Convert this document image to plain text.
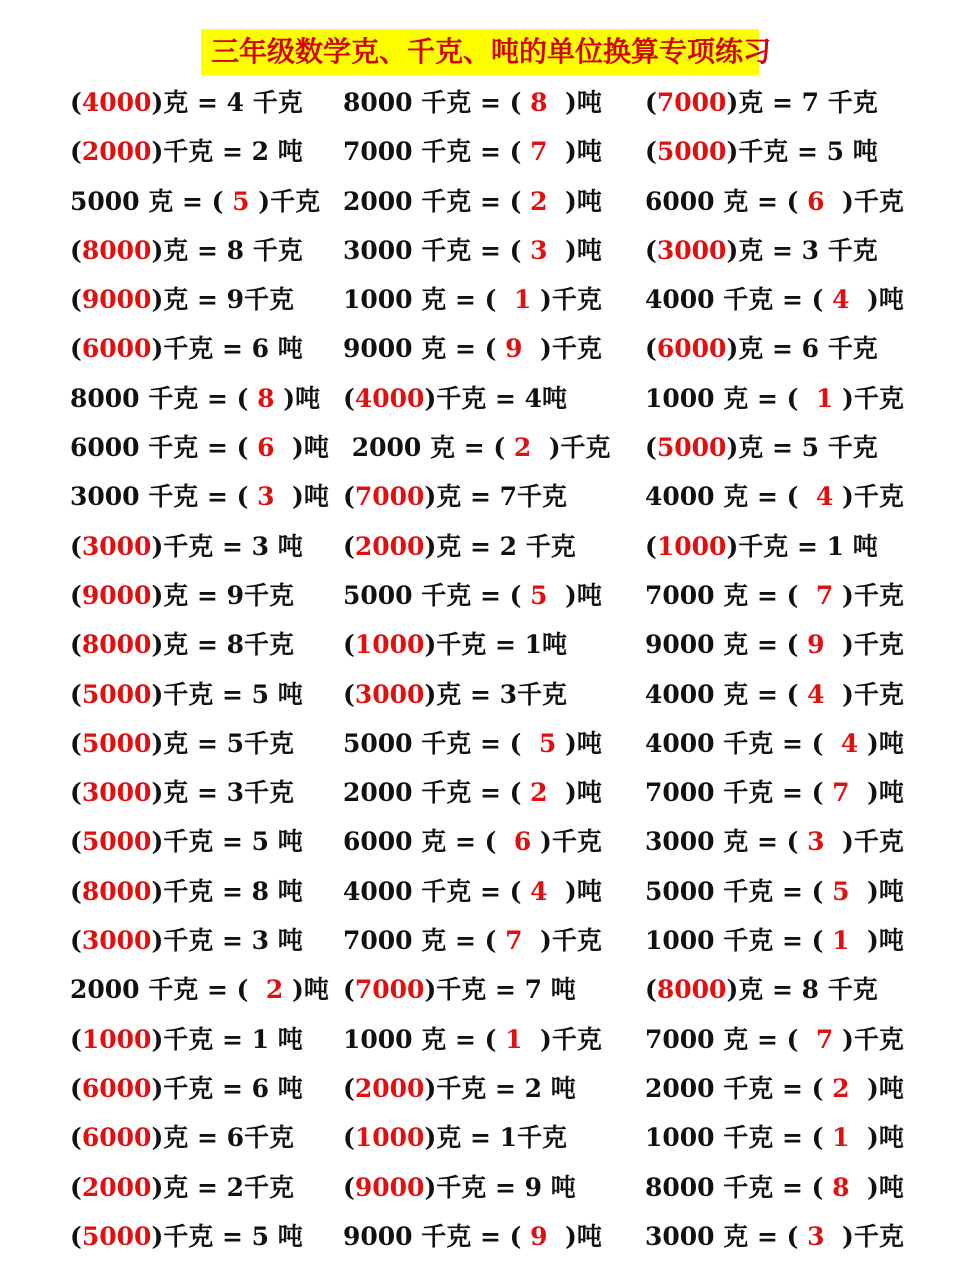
三年级数学克、千克、吨的单位换算专项练习
(4000)克 = 4 千克 8000 千克 = ( 8  )吨 (7000)克 = 7 千克
(2000)千克 = 2 吨 7000 千克 = ( 7  )吨 (5000)千克 = 5 吨
5000 克 = ( 5 )千克 2000 千克 = ( 2  )吨 6000 克 = ( 6  )千克
(8000)克 = 8 千克 3000 千克 = ( 3  )吨 (3000)克 = 3 千克
(9000)克 = 9千克 1000 克 = (  1 )千克 4000 千克 = ( 4  )吨
(6000)千克 = 6 吨 9000 克 = ( 9  )千克 (6000)克 = 6 千克
8000 千克 = ( 8 )吨 (4000)千克 = 4吨	1000 克 = (  1 )千克
6000 千克 = ( 6  )吨 2000 克 = ( 2  )千克 (5000)克 = 5 千克
3000 千克 = ( 3  )吨 (7000)克 = 7千克	4000 克 = (  4 )千克
(3000)千克 = 3 吨 (2000)克 = 2 千克	(1000)千克 = 1 吨
(9000)克 = 9千克 5000 千克 = ( 5  )吨 7000 克 = (  7 )千克
(8000)克 = 8千克 (1000)千克 = 1吨	9000 克 = ( 9  )千克
(5000)千克 = 5 吨 (3000)克 = 3千克	4000 克 = ( 4  )千克
(5000)克 = 5千克 5000 千克 = (  5 )吨 4000 千克 = (  4 )吨
(3000)克 = 3千克 2000 千克 = ( 2  )吨 7000 千克 = ( 7  )吨
(5000)千克 = 5 吨 6000 克 = (  6 )千克 3000 克 = ( 3  )千克
(8000)千克 = 8 吨 4000 千克 = ( 4  )吨 5000 千克 = ( 5  )吨
(3000)千克 = 3 吨 7000 克 = ( 7  )千克 1000 千克 = ( 1  )吨
2000 千克 = (  2 )吨 (7000)千克 = 7 吨	(8000)克 = 8 千克
(1000)千克 = 1 吨 1000 克 = ( 1  )千克 7000 克 = (  7 )千克
(6000)千克 = 6 吨 (2000)千克 = 2 吨	2000 千克 = ( 2  )吨
(6000)克 = 6千克 (1000)克 = 1千克	1000 千克 = ( 1  )吨
(2000)克 = 2千克 (9000)千克 = 9 吨	8000 千克 = ( 8  )吨
(5000)千克 = 5 吨 9000 千克 = ( 9  )吨 3000 克 = ( 3  )千克
